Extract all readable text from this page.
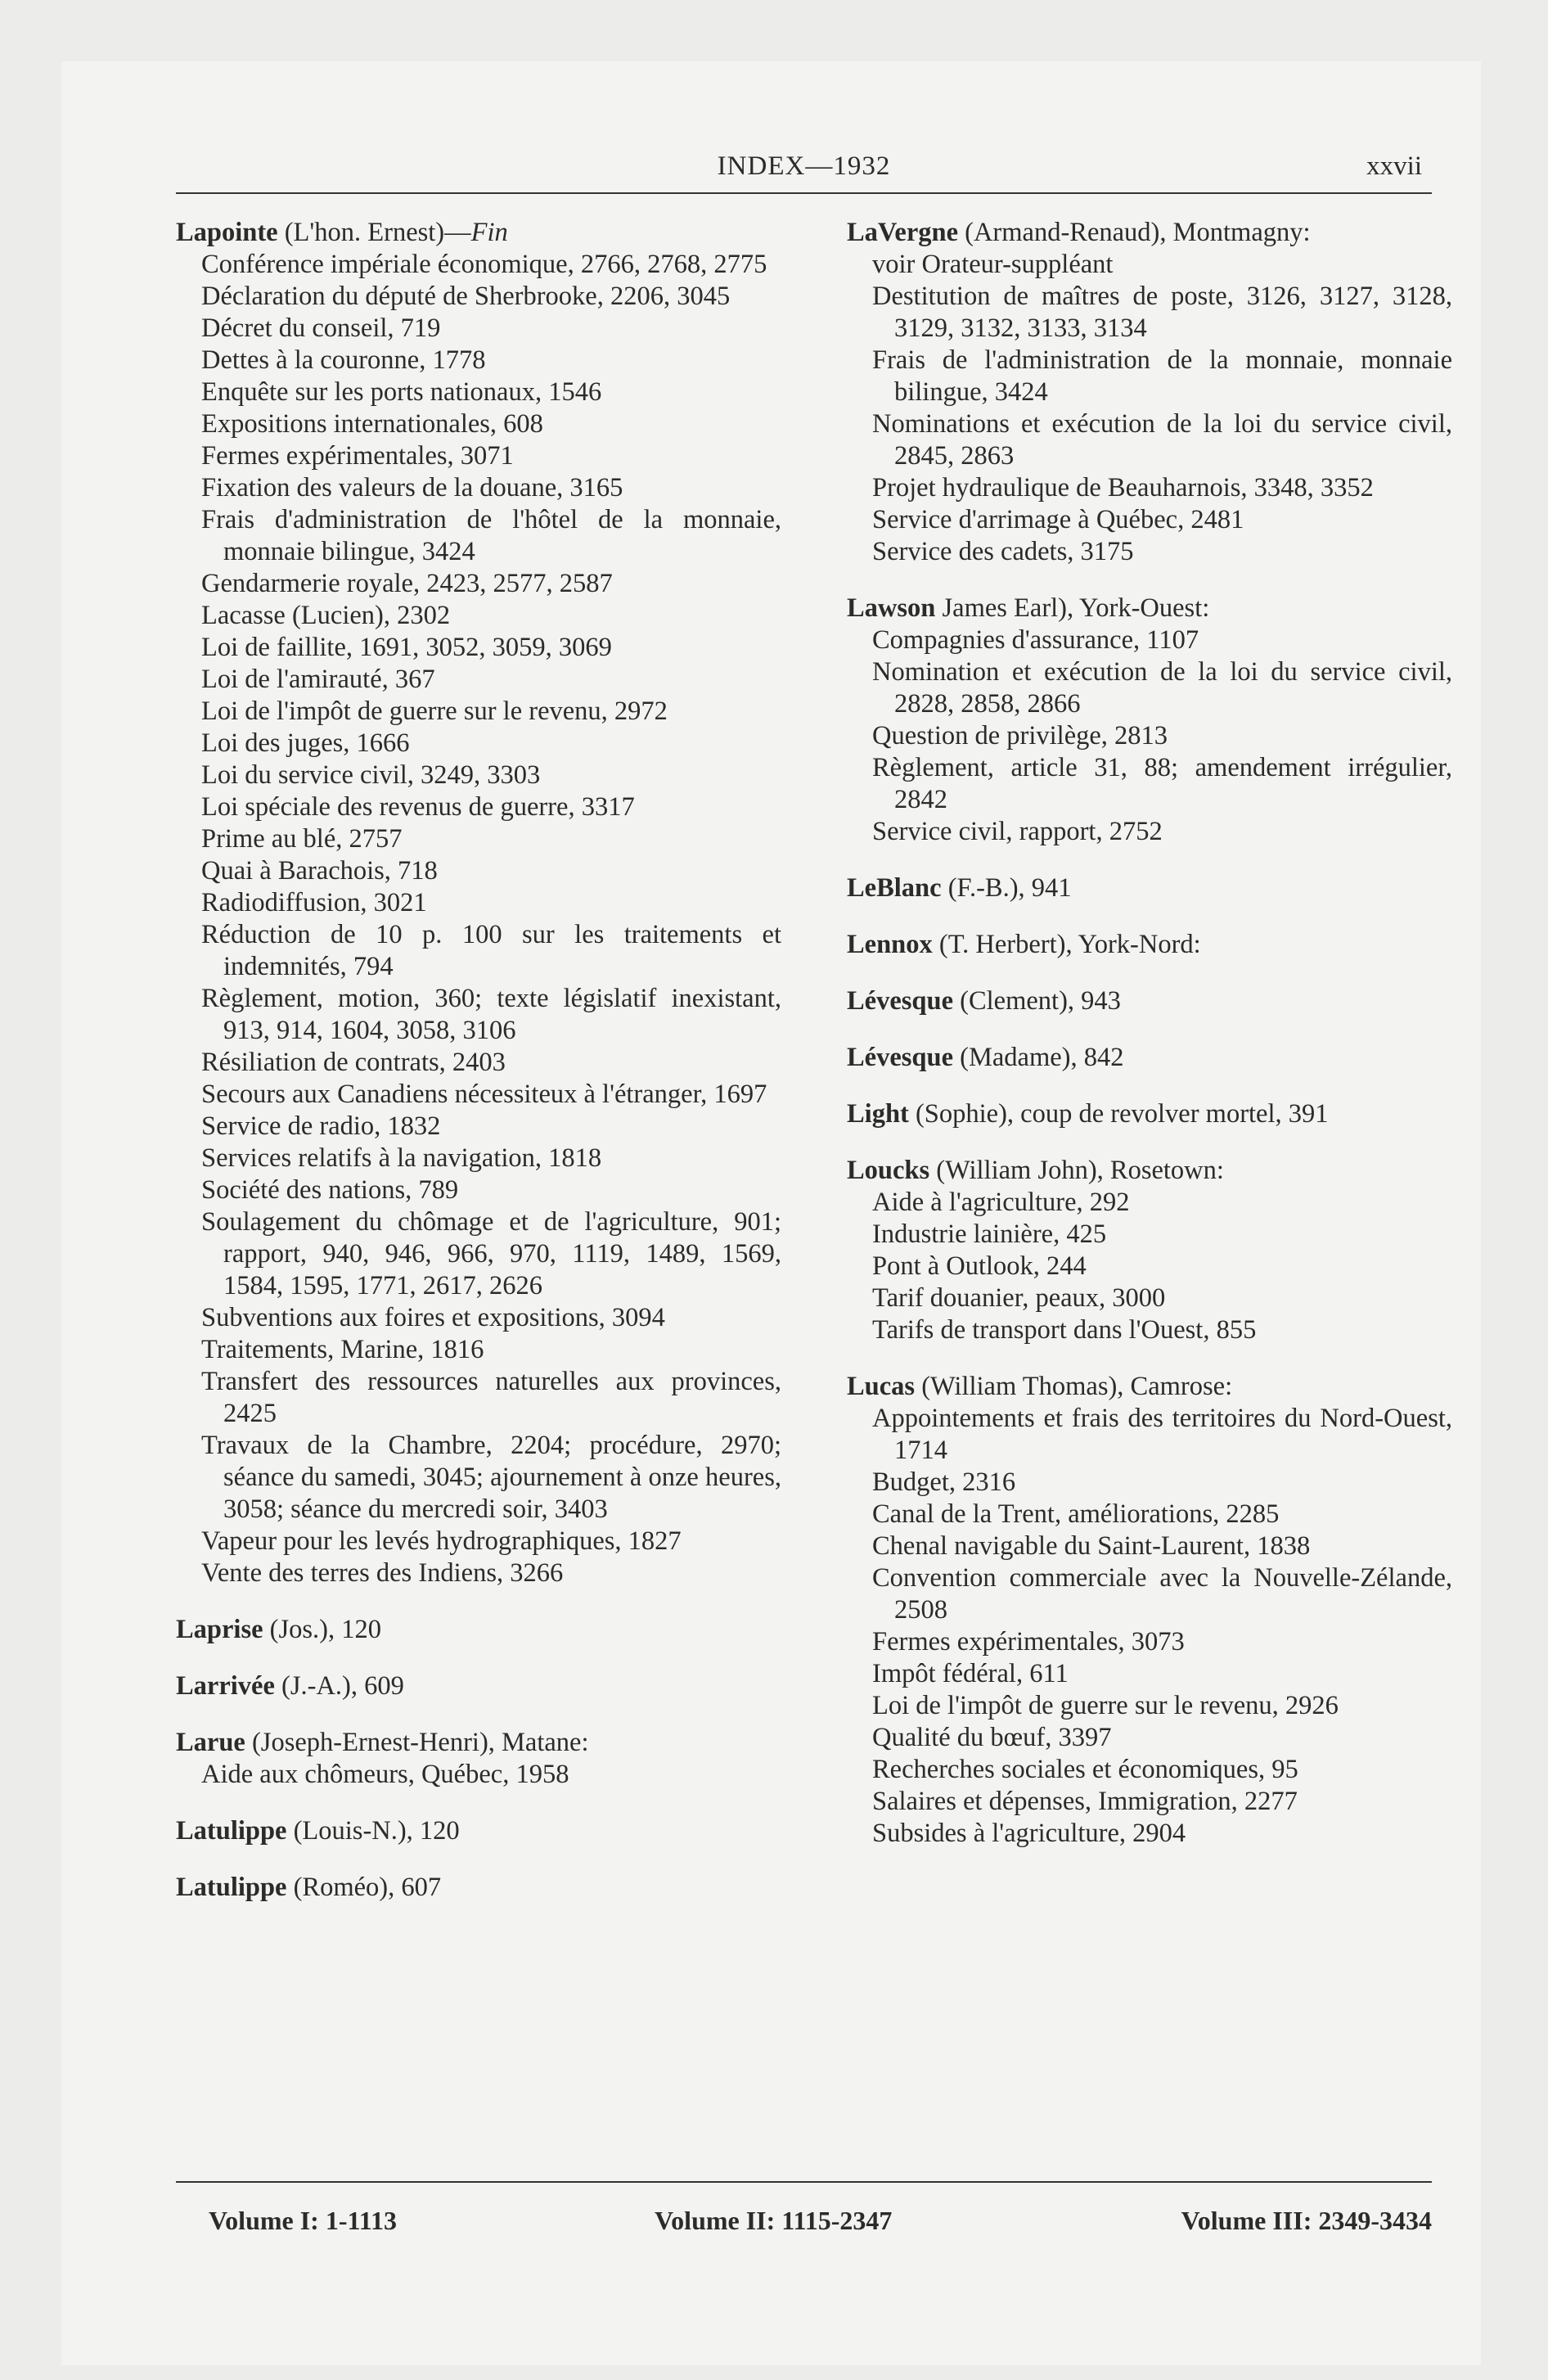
INDEX—1932	xxvii
Lapointe (L'hon. Ernest)—Fin
Conférence impériale économique, 2766, 2768, 2775
Déclaration du député de Sherbrooke, 2206, 3045
Décret du conseil, 719
Dettes à la couronne, 1778
Enquête sur les ports nationaux, 1546
Expositions internationales, 608
Fermes expérimentales, 3071
Fixation des valeurs de la douane, 3165
Frais d'administration de l'hôtel de la monnaie, monnaie bilingue, 3424
Gendarmerie royale, 2423, 2577, 2587
Lacasse (Lucien), 2302
Loi de faillite, 1691, 3052, 3059, 3069
Loi de l'amirauté, 367
Loi de l'impôt de guerre sur le revenu, 2972
Loi des juges, 1666
Loi du service civil, 3249, 3303
Loi spéciale des revenus de guerre, 3317
Prime au blé, 2757
Quai à Barachois, 718
Radiodiffusion, 3021
Réduction de 10 p. 100 sur les traitements et indemnités, 794
Règlement, motion, 360; texte législatif inexistant, 913, 914, 1604, 3058, 3106
Résiliation de contrats, 2403
Secours aux Canadiens nécessiteux à l'étranger, 1697
Service de radio, 1832
Services relatifs à la navigation, 1818
Société des nations, 789
Soulagement du chômage et de l'agriculture, 901; rapport, 940, 946, 966, 970, 1119, 1489, 1569, 1584, 1595, 1771, 2617, 2626
Subventions aux foires et expositions, 3094
Traitements, Marine, 1816
Transfert des ressources naturelles aux provinces, 2425
Travaux de la Chambre, 2204; procédure, 2970; séance du samedi, 3045; ajournement à onze heures, 3058; séance du mercredi soir, 3403
Vapeur pour les levés hydrographiques, 1827
Vente des terres des Indiens, 3266
Laprise (Jos.), 120
Larrivée (J.-A.), 609
Larue (Joseph-Ernest-Henri), Matane:
Aide aux chômeurs, Québec, 1958
Latulippe (Louis-N.), 120
Latulippe (Roméo), 607
LaVergne (Armand-Renaud), Montmagny:
voir Orateur-suppléant
Destitution de maîtres de poste, 3126, 3127, 3128, 3129, 3132, 3133, 3134
Frais de l'administration de la monnaie, monnaie bilingue, 3424
Nominations et exécution de la loi du service civil, 2845, 2863
Projet hydraulique de Beauharnois, 3348, 3352
Service d'arrimage à Québec, 2481
Service des cadets, 3175
Lawson James Earl), York-Ouest:
Compagnies d'assurance, 1107
Nomination et exécution de la loi du service civil, 2828, 2858, 2866
Question de privilège, 2813
Règlement, article 31, 88; amendement irrégulier, 2842
Service civil, rapport, 2752
LeBlanc (F.-B.), 941
Lennox (T. Herbert), York-Nord:
Lévesque (Clement), 943
Lévesque (Madame), 842
Light (Sophie), coup de revolver mortel, 391
Loucks (William John), Rosetown:
Aide à l'agriculture, 292
Industrie lainière, 425
Pont à Outlook, 244
Tarif douanier, peaux, 3000
Tarifs de transport dans l'Ouest, 855
Lucas (William Thomas), Camrose:
Appointements et frais des territoires du Nord-Ouest, 1714
Budget, 2316
Canal de la Trent, améliorations, 2285
Chenal navigable du Saint-Laurent, 1838
Convention commerciale avec la Nouvelle-Zélande, 2508
Fermes expérimentales, 3073
Impôt fédéral, 611
Loi de l'impôt de guerre sur le revenu, 2926
Qualité du bœuf, 3397
Recherches sociales et économiques, 95
Salaires et dépenses, Immigration, 2277
Subsides à l'agriculture, 2904
Volume I: 1-1113	Volume II: 1115-2347	Volume III: 2349-3434
